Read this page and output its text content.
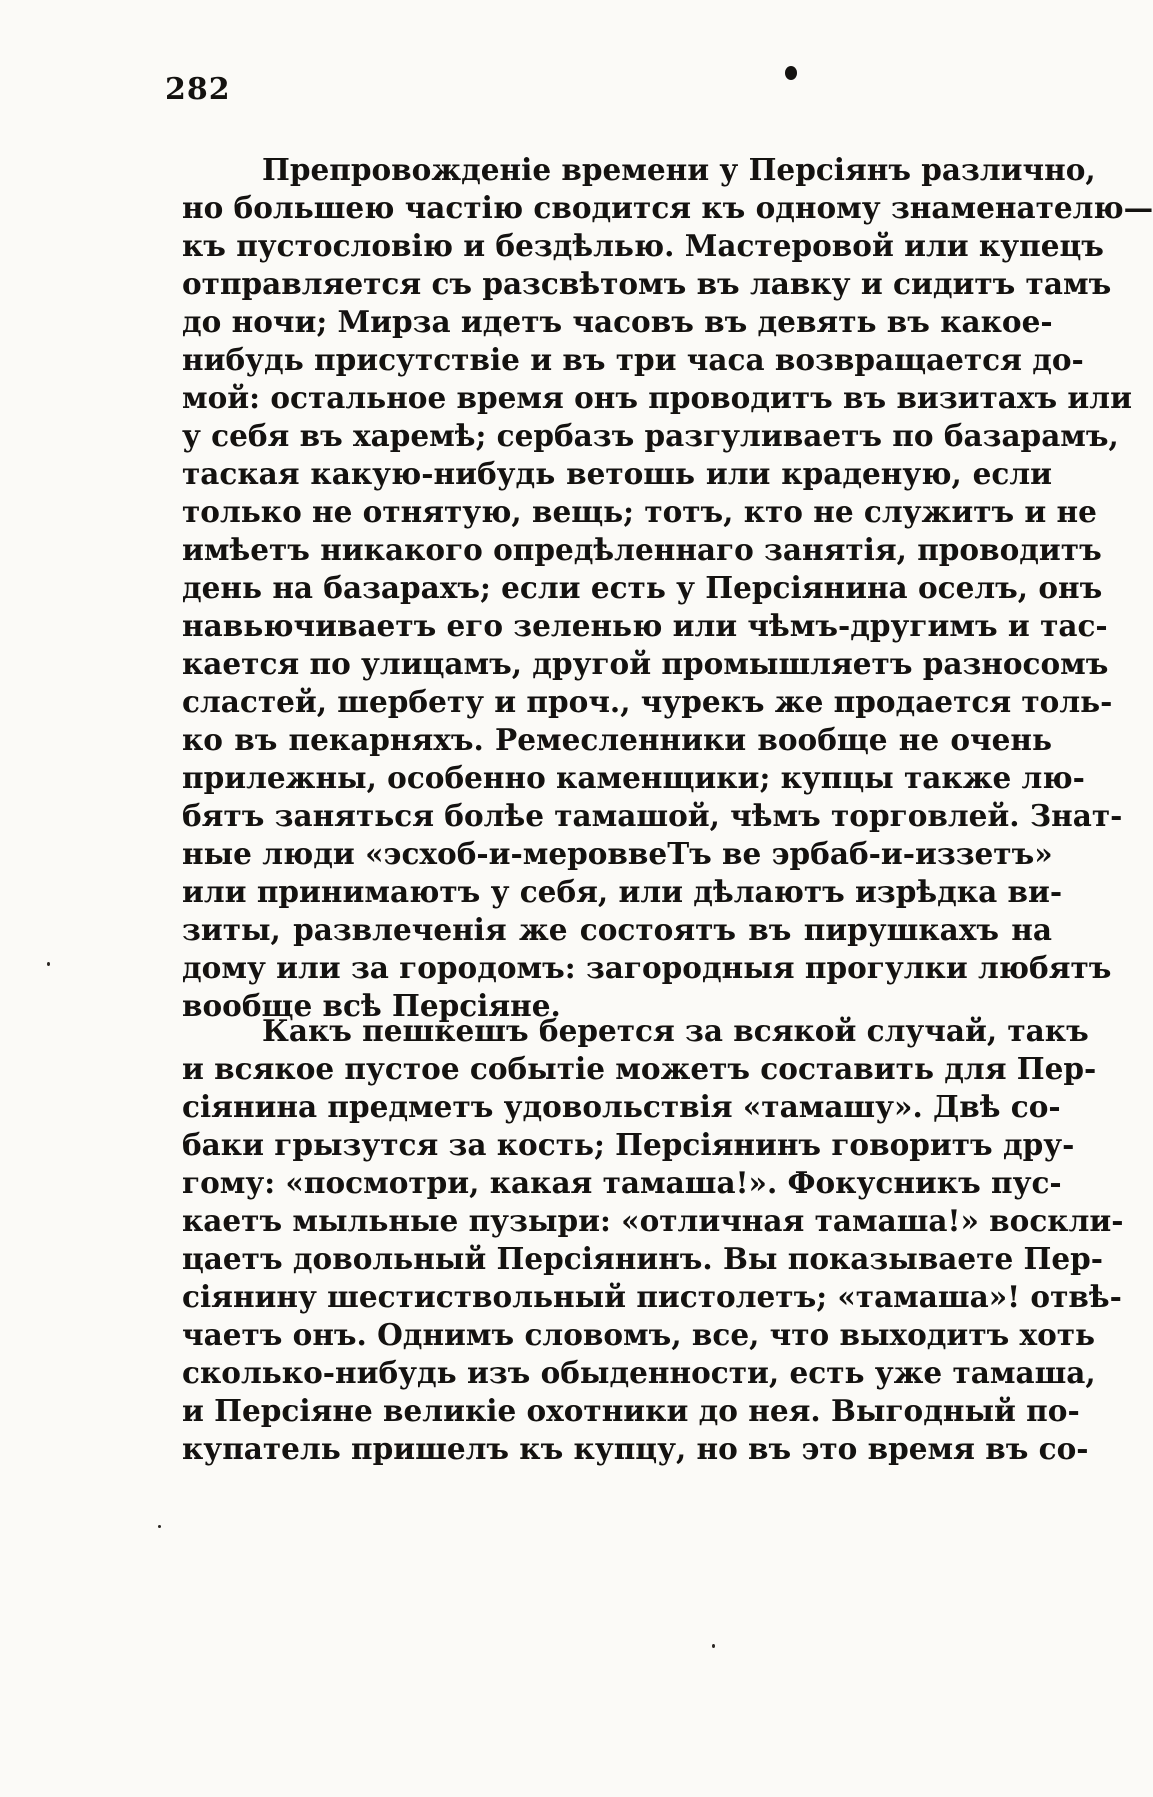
282
Препровожденіе времени у Персіянъ различно,
но большею частію сводится къ одному знаменателю—
къ пустословію и бездѣлью. Мастеровой или купецъ
отправляется съ разсвѣтомъ въ лавку и сидитъ тамъ
до ночи; Мирза идетъ часовъ въ девять въ какое-
нибудь присутствіе и въ три часа возвращается до-
мой: остальное время онъ проводитъ въ визитахъ или
у себя въ харемѣ; сербазъ разгуливаетъ по базарамъ,
таская какую-нибудь ветошь или краденую, если
только не отнятую, вещь; тотъ, кто не служитъ и не
имѣетъ никакого опредѣленнаго занятія, проводитъ
день на базарахъ; если есть у Персіянина оселъ, онъ
навьючиваетъ его зеленью или чѣмъ-другимъ и тас-
кается по улицамъ, другой промышляетъ разносомъ
сластей, шербету и проч., чурекъ же продается толь-
ко въ пекарняхъ. Ремесленники вообще не очень
прилежны, особенно каменщики; купцы также лю-
бятъ заняться болѣе тамашой, чѣмъ торговлей. Знат-
ные люди «эсхоб-и-мероввеТъ ве эрбаб-и-иззетъ»
или принимаютъ у себя, или дѣлаютъ изрѣдка ви-
зиты, развлеченія же состоятъ въ пирушкахъ на
дому или за городомъ: загородныя прогулки любятъ
вообще всѣ Персіяне.
Какъ пешкешъ берется за всякой случай, такъ
и всякое пустое событіе можетъ составить для Пер-
сіянина предметъ удовольствія «тамашу». Двѣ со-
баки грызутся за кость; Персіянинъ говоритъ дру-
гому: «посмотри, какая тамаша!». Фокусникъ пус-
каетъ мыльные пузыри: «отличная тамаша!» воскли-
цаетъ довольный Персіянинъ. Вы показываете Пер-
сіянину шестиствольный пистолетъ; «тамаша»! отвѣ-
чаетъ онъ. Однимъ словомъ, все, что выходитъ хоть
сколько-нибудь изъ обыденности, есть уже тамаша,
и Персіяне великіе охотники до нея. Выгодный по-
купатель пришелъ къ купцу, но въ это время въ со-
